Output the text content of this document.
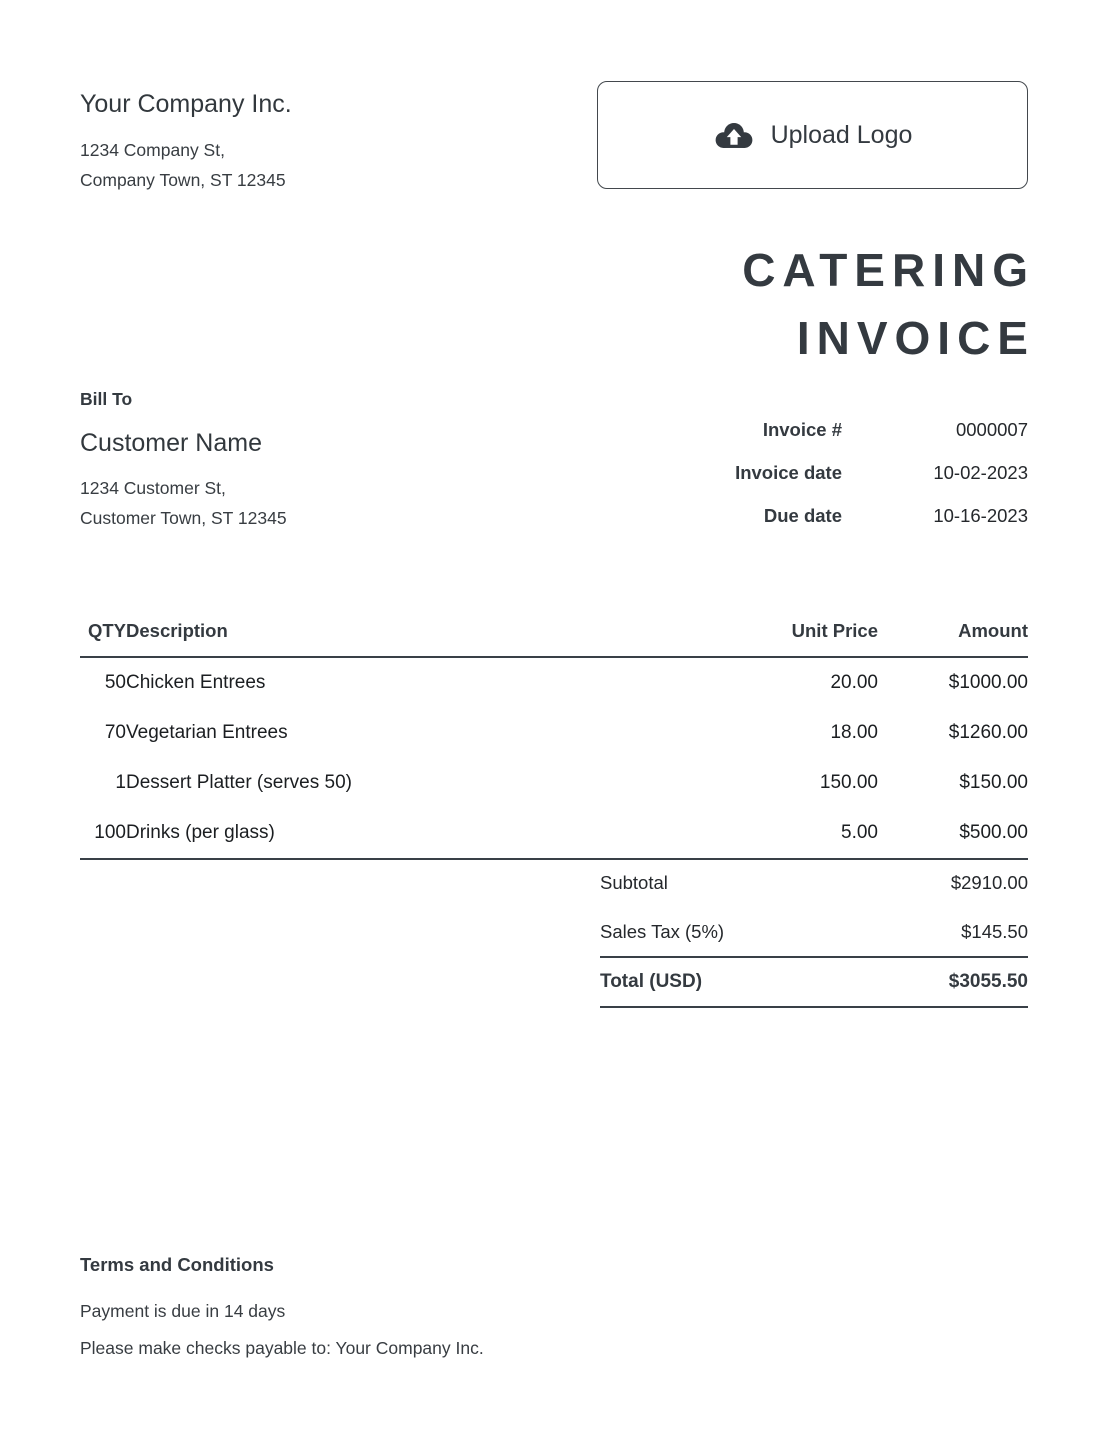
Your Company Inc.
1234 Company St,
Company Town, ST 12345
Upload Logo
CATERING
INVOICE
Bill To
Customer Name
1234 Customer St,
Customer Town, ST 12345
Invoice #	0000007
Invoice date	10-02-2023
Due date	10-16-2023
QTY	Description	Unit Price	Amount
50	Chicken Entrees	20.00	$1000.00
70	Vegetarian Entrees	18.00	$1260.00
1	Dessert Platter (serves 50)	150.00	$150.00
100	Drinks (per glass)	5.00	$500.00
Subtotal	$2910.00
Sales Tax (5%)	$145.50
Total (USD)	$3055.50
Terms and Conditions
Payment is due in 14 days
Please make checks payable to: Your Company Inc.
